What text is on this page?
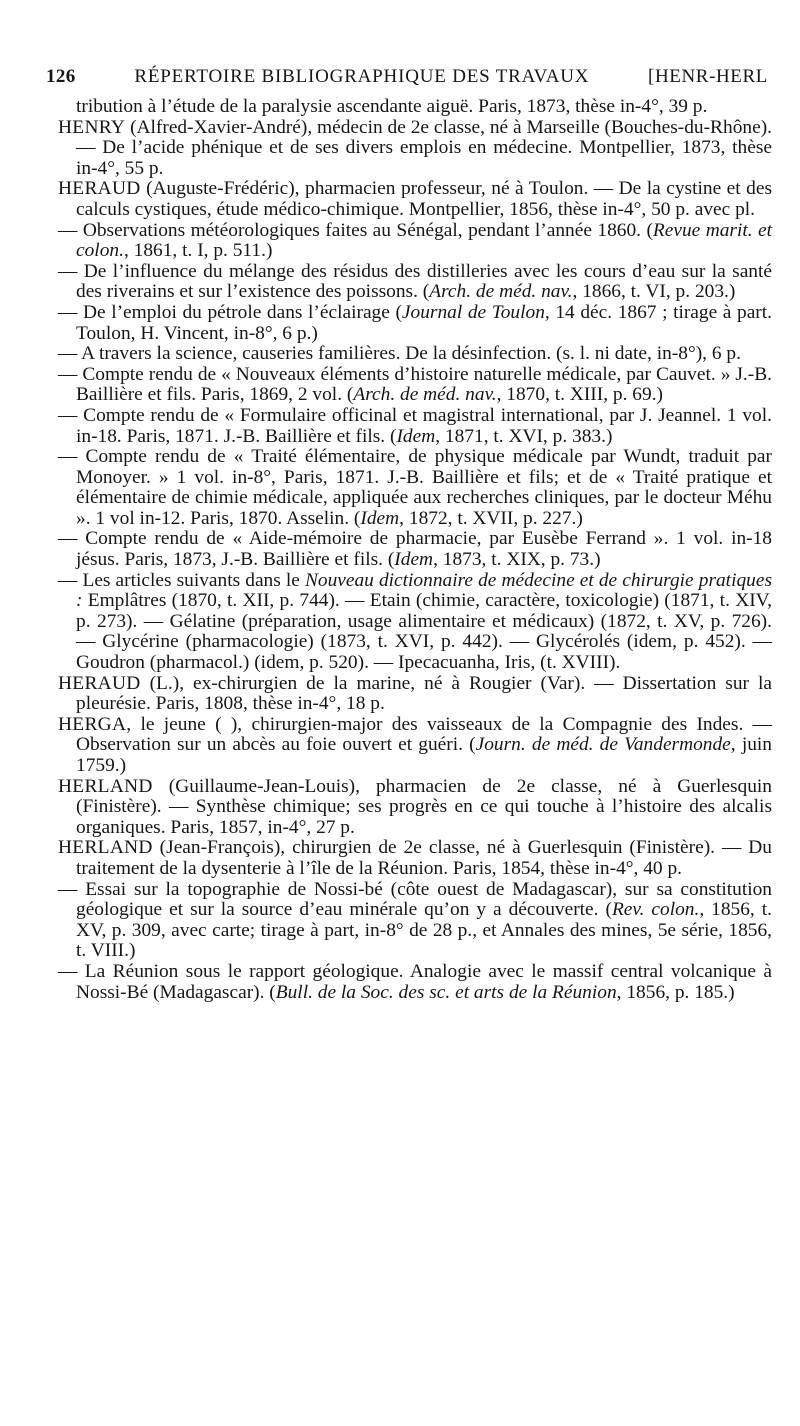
126	RÉPERTOIRE BIBLIOGRAPHIQUE DES TRAVAUX	[HENR-HERL

tribution à l’étude de la paralysie ascendante aiguë. Paris, 1873, thèse in-4°, 39 p.

HENRY (Alfred-Xavier-André), médecin de 2e classe, né à Marseille (Bouches-du-Rhône). — De l’acide phénique et de ses divers emplois en médecine. Montpellier, 1873, thèse in-4°, 55 p.

HERAUD (Auguste-Frédéric), pharmacien professeur, né à Toulon. — De la cystine et des calculs cystiques, étude médico-chimique. Montpellier, 1856, thèse in-4°, 50 p. avec pl.

— Observations météorologiques faites au Sénégal, pendant l’année 1860. (Revue marit. et colon., 1861, t. I, p. 511.)

— De l’influence du mélange des résidus des distilleries avec les cours d’eau sur la santé des riverains et sur l’existence des poissons. (Arch. de méd. nav., 1866, t. VI, p. 203.)

— De l’emploi du pétrole dans l’éclairage (Journal de Toulon, 14 déc. 1867 ; tirage à part. Toulon, H. Vincent, in-8°, 6 p.)

— A travers la science, causeries familières. De la désinfection. (s. l. ni date, in-8°), 6 p.

— Compte rendu de « Nouveaux éléments d’histoire naturelle médicale, par Cauvet. » J.-B. Baillière et fils. Paris, 1869, 2 vol. (Arch. de méd. nav., 1870, t. XIII, p. 69.)

— Compte rendu de « Formulaire officinal et magistral international, par J. Jeannel. 1 vol. in-18. Paris, 1871. J.-B. Baillière et fils. (Idem, 1871, t. XVI, p. 383.)

— Compte rendu de « Traité élémentaire, de physique médicale par Wundt, traduit par Monoyer. » 1 vol. in-8°, Paris, 1871. J.-B. Baillière et fils; et de « Traité pratique et élémentaire de chimie médicale, appliquée aux recherches cliniques, par le docteur Méhu ». 1 vol in-12. Paris, 1870. Asselin. (Idem, 1872, t. XVII, p. 227.)

— Compte rendu de « Aide-mémoire de pharmacie, par Eusèbe Ferrand ». 1 vol. in-18 jésus. Paris, 1873, J.-B. Baillière et fils. (Idem, 1873, t. XIX, p. 73.)

— Les articles suivants dans le Nouveau dictionnaire de médecine et de chirurgie pratiques : Emplâtres (1870, t. XII, p. 744). — Etain (chimie, caractère, toxicologie) (1871, t. XIV, p. 273). — Gélatine (préparation, usage alimentaire et médicaux) (1872, t. XV, p. 726). — Glycérine (pharmacologie) (1873, t. XVI, p. 442). — Glycérolés (idem, p. 452). — Goudron (pharmacol.) (idem, p. 520). — Ipecacuanha, Iris, (t. XVIII).

HERAUD (L.), ex-chirurgien de la marine, né à Rougier (Var). — Dissertation sur la pleurésie. Paris, 1808, thèse in-4°, 18 p.

HERGA, le jeune ( ), chirurgien-major des vaisseaux de la Compagnie des Indes. — Observation sur un abcès au foie ouvert et guéri. (Journ. de méd. de Vandermonde, juin 1759.)

HERLAND (Guillaume-Jean-Louis), pharmacien de 2e classe, né à Guerlesquin (Finistère). — Synthèse chimique; ses progrès en ce qui touche à l’histoire des alcalis organiques. Paris, 1857, in-4°, 27 p.

HERLAND (Jean-François), chirurgien de 2e classe, né à Guerlesquin (Finistère). — Du traitement de la dysenterie à l’île de la Réunion. Paris, 1854, thèse in-4°, 40 p.

— Essai sur la topographie de Nossi-bé (côte ouest de Madagascar), sur sa constitution géologique et sur la source d’eau minérale qu’on y a découverte. (Rev. colon., 1856, t. XV, p. 309, avec carte; tirage à part, in-8° de 28 p., et Annales des mines, 5e série, 1856, t. VIII.)

— La Réunion sous le rapport géologique. Analogie avec le massif central volcanique à Nossi-Bé (Madagascar). (Bull. de la Soc. des sc. et arts de la Réunion, 1856, p. 185.)
